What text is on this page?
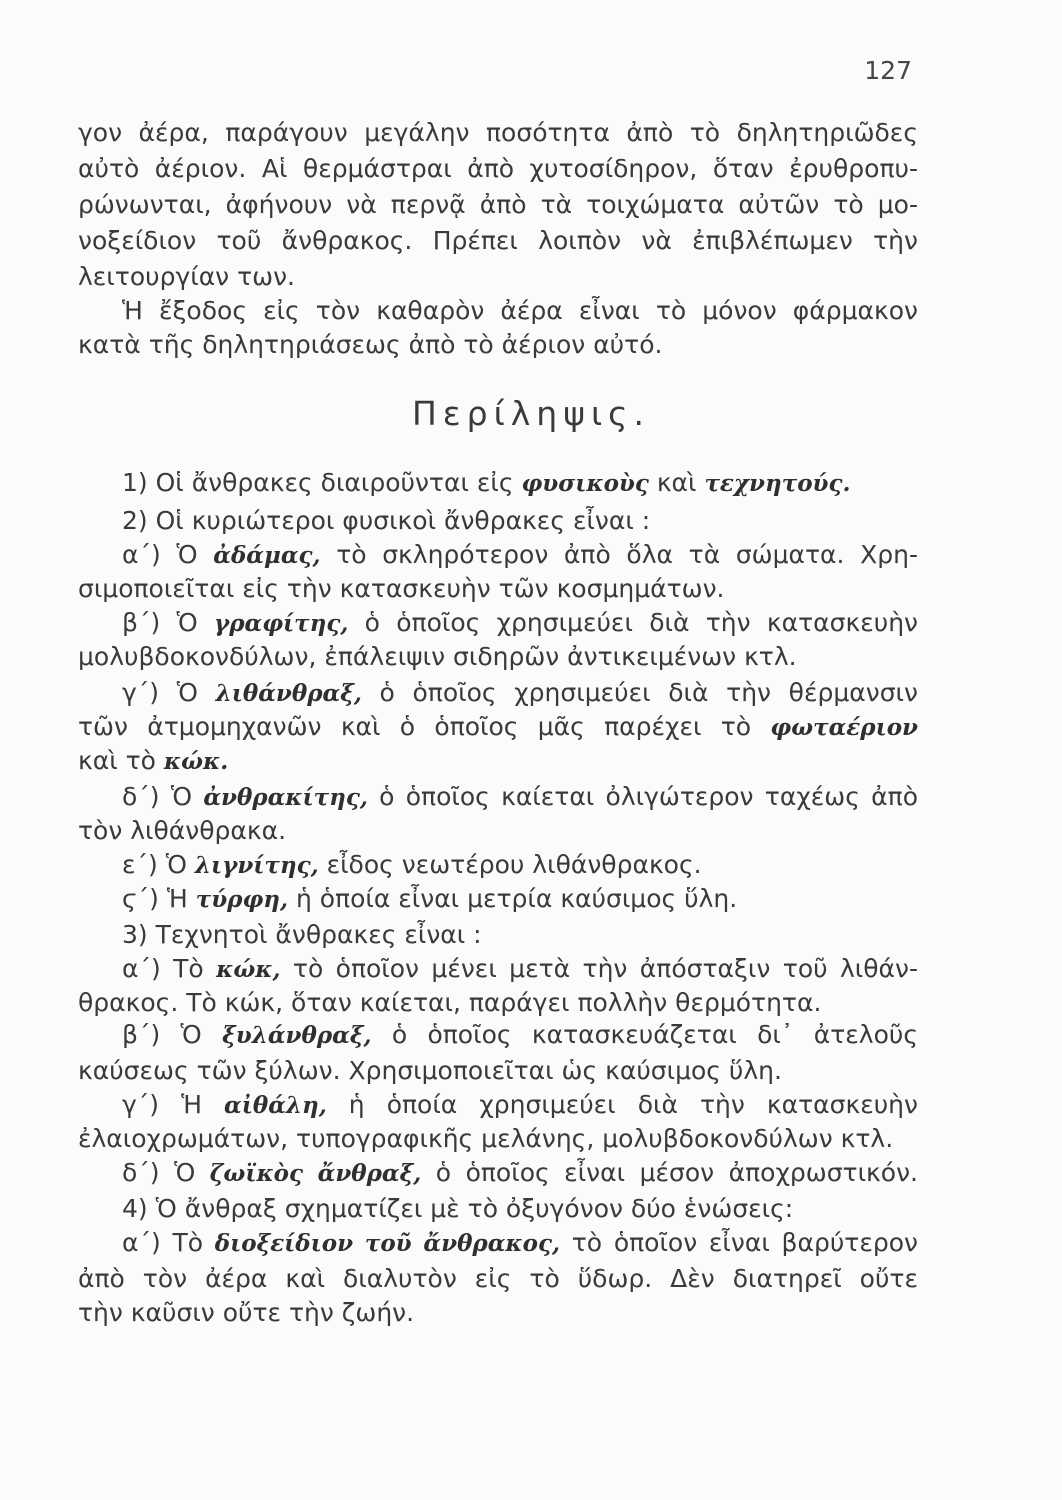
127
γον ἀέρα, παράγουν μεγάλην ποσότητα ἀπὸ τὸ δηλητηριῶδες
αὐτὸ ἀέριον. Αἱ θερμάστραι ἀπὸ χυτοσίδηρον, ὅταν ἐρυθροπυ-
ρώνωνται, ἀφήνουν νὰ περνᾷ ἀπὸ τὰ τοιχώματα αὐτῶν τὸ μο-
νοξείδιον τοῦ ἄνθρακος. Πρέπει λοιπὸν νὰ ἐπιβλέπωμεν τὴν
λειτουργίαν των.
Ἡ ἔξοδος εἰς τὸν καθαρὸν ἀέρα εἶναι τὸ μόνον φάρμακον
κατὰ τῆς δηλητηριάσεως ἀπὸ τὸ ἀέριον αὐτό.
Περίληψις.
1) Οἱ ἄνθρακες διαιροῦνται εἰς φυσικοὺς καὶ τεχνητούς.
2) Οἱ κυριώτεροι φυσικοὶ ἄνθρακες εἶναι :
α΄) Ὁ ἀδάμας, τὸ σκληρότερον ἀπὸ ὅλα τὰ σώματα. Χρη-
σιμοποιεῖται εἰς τὴν κατασκευὴν τῶν κοσμημάτων.
β΄) Ὁ γραφίτης, ὁ ὁποῖος χρησιμεύει διὰ τὴν κατασκευὴν
μολυβδοκονδύλων, ἐπάλειψιν σιδηρῶν ἀντικειμένων κτλ.
γ΄) Ὁ λιθάνθραξ, ὁ ὁποῖος χρησιμεύει διὰ τὴν θέρμανσιν
τῶν ἀτμομηχανῶν καὶ ὁ ὁποῖος μᾶς παρέχει τὸ φωταέριον
καὶ τὸ κώκ.
δ΄) Ὁ ἀνθρακίτης, ὁ ὁποῖος καίεται ὀλιγώτερον ταχέως ἀπὸ
τὸν λιθάνθρακα.
ε΄) Ὁ λιγνίτης, εἶδος νεωτέρου λιθάνθρακος.
ϛ΄) Ἡ τύρφη, ἡ ὁποία εἶναι μετρία καύσιμος ὕλη.
3) Τεχνητοὶ ἄνθρακες εἶναι :
α΄) Τὸ κώκ, τὸ ὁποῖον μένει μετὰ τὴν ἀπόσταξιν τοῦ λιθάν-
θρακος. Τὸ κώκ, ὅταν καίεται, παράγει πολλὴν θερμότητα.
β΄) Ὁ ξυλάνθραξ, ὁ ὁποῖος κατασκευάζεται δι᾽ ἀτελοῦς
καύσεως τῶν ξύλων. Χρησιμοποιεῖται ὡς καύσιμος ὕλη.
γ΄) Ἡ αἰθάλη, ἡ ὁποία χρησιμεύει διὰ τὴν κατασκευὴν
ἐλαιοχρωμάτων, τυπογραφικῆς μελάνης, μολυβδοκονδύλων κτλ.
δ΄) Ὁ ζωϊκὸς ἄνθραξ, ὁ ὁποῖος εἶναι μέσον ἀποχρωστικόν.
4) Ὁ ἄνθραξ σχηματίζει μὲ τὸ ὀξυγόνον δύο ἑνώσεις:
α΄) Τὸ διοξείδιον τοῦ ἄνθρακος, τὸ ὁποῖον εἶναι βαρύτερον
ἀπὸ τὸν ἀέρα καὶ διαλυτὸν εἰς τὸ ὕδωρ. Δὲν διατηρεῖ οὔτε
τὴν καῦσιν οὔτε τὴν ζωήν.
